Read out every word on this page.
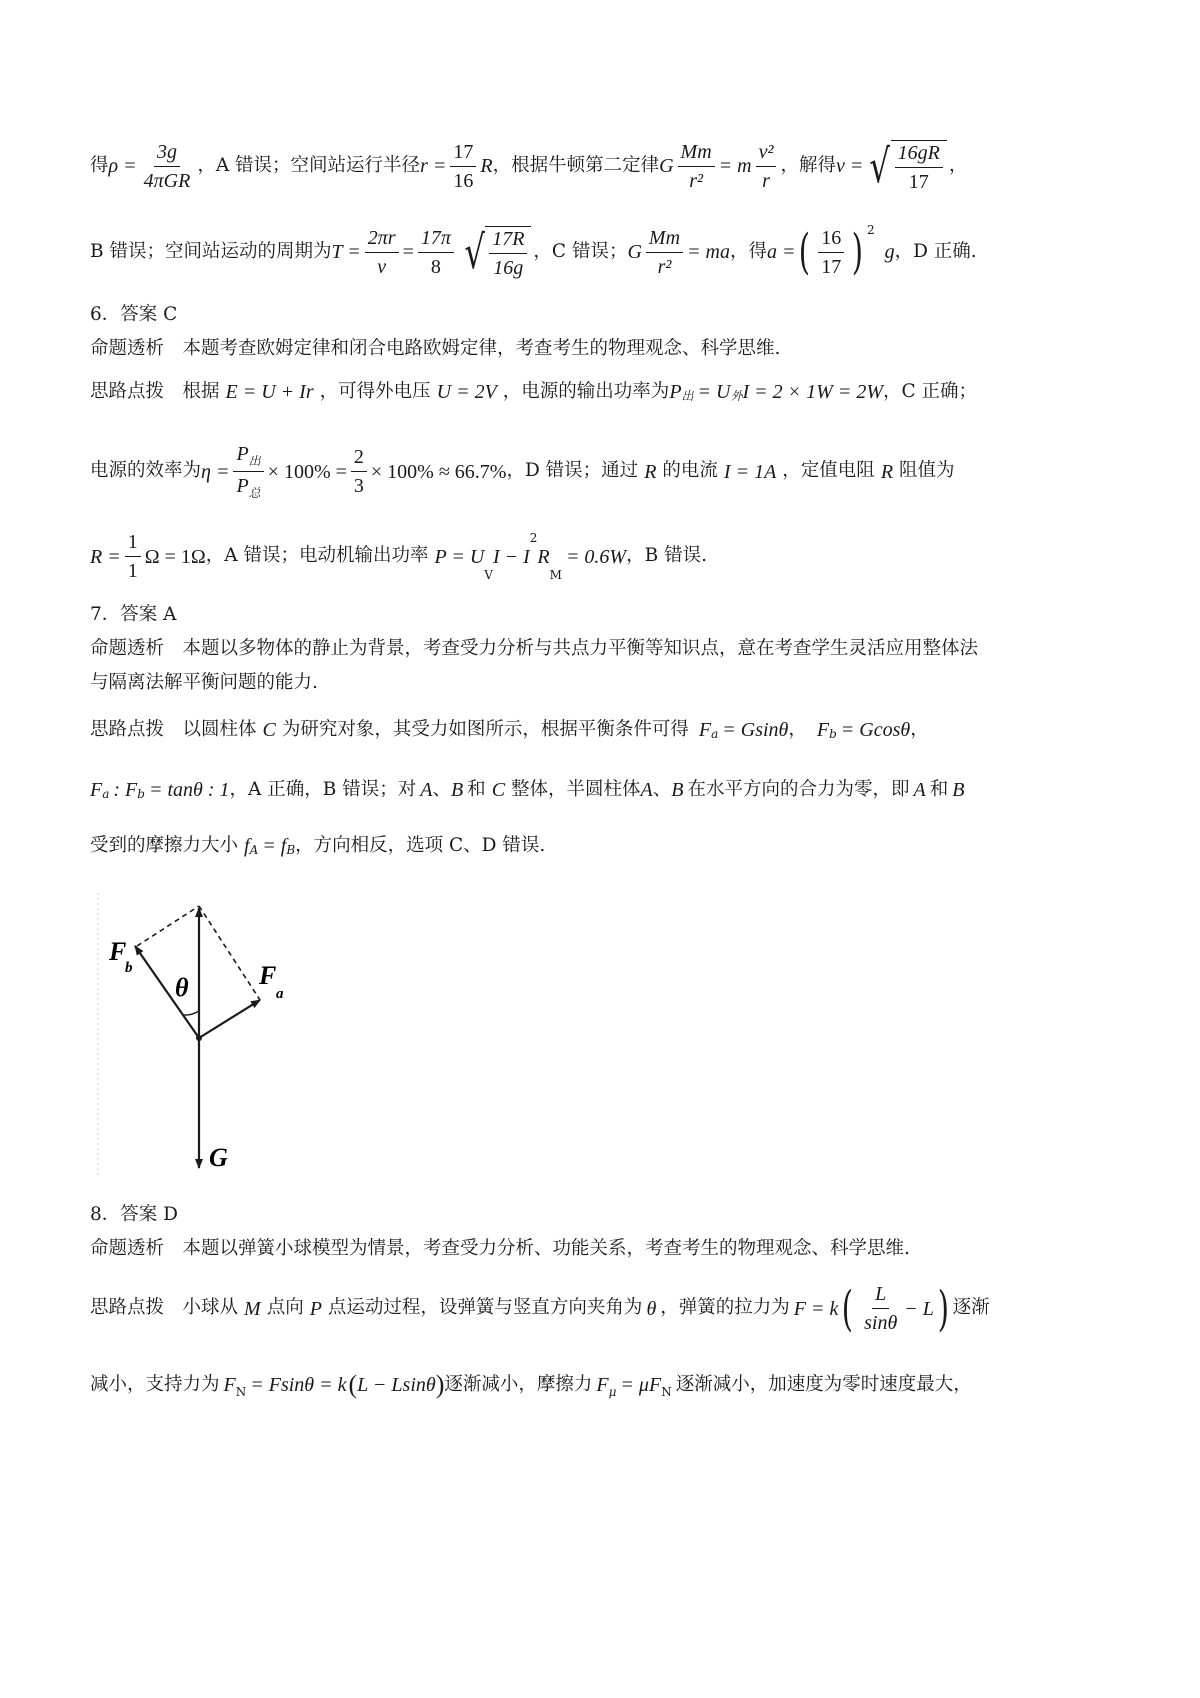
得 $\rho = \frac{3g}{\text{4πGR}}$ ，A 错误；空间站运行半径 $r = \frac{17}{16}$ R ，根据牛顿第二定律 G $\frac{Mm}{\text{r²}} = m \frac{\text{v²}}{r}$ ，解得 v = √ $\frac{16gR}{17}$ ，
B 错误；空间站运动的周期为 $T = \frac{2\pi r}{v} = \frac{17\pi}{8}$ √ $\frac{17R}{16g}$ ，C 错误； G $\frac{Mm}{\text{r²}}$ = ma ，得 a = ( $\frac{16}{17}$ ) $^2$
g ，D 正确.
6．答案 C
命题透析　本题考查欧姆定律和闭合电路欧姆定律，考查考生的物理观念、科学思维.
思路点拨　根据 E = U + Ir ，可得外电压 U = 2V ，电源的输出功率为 $P_出 = U_外$ I = 2 × 1W = 2W ，C 正确；
电源的效率为 $\eta = \frac{P_出}{P_总} \times 100\% = \frac{2}{3} \times 100\% \approx 66.7\%$ ，D 错误；通过 R 的电流 I = 1A ，定值电阻 R 阻值为
$R = \frac{1}{1}$ Ω = 1Ω ，A 错误；电动机输出功率 P = U
V
I − I
2
R
M
= 0.6W ，B 错误.
7．答案 A
命题透析　本题以多物体的静止为背景，考查受力分析与共点力平衡等知识点，意在考查学生灵活应用整体法
与隔离法解平衡问题的能力.
思路点拨　以圆柱体 C 为研究对象，其受力如图所示，根据平衡条件可得 $F_a = Gsin\theta$ ， $F_b = Gcos\theta$ ，
$F_a$ : $F_b = \tan\theta$ : 1 ，A 正确，B 错误；对 A 、 B 和 C 整体，半圆柱体 A 、 B 在水平方向的合力为零，即 A 和 B
受到的摩擦力大小 $f_A = f_B$ ，方向相反，选项 C、D 错误.
F
b
θ	F
a
G
8．答案 D
命题透析　本题以弹簧小球模型为情景，考查受力分析、功能关系，考查考生的物理观念、科学思维.
思路点拨　小球从 M 点向 P 点运动过程，设弹簧与竖直方向夹角为 θ ，弹簧的拉力为 F = k ( $\frac{L}{\sin\theta} - L$ ) 逐渐
减小，支持力为 $F_N = Fsin\theta = k$ ( L − Lsinθ ) 逐渐减小，摩擦力 $F_\mu = \mu F_N$ 逐渐减小，加速度为零时速度最大，
